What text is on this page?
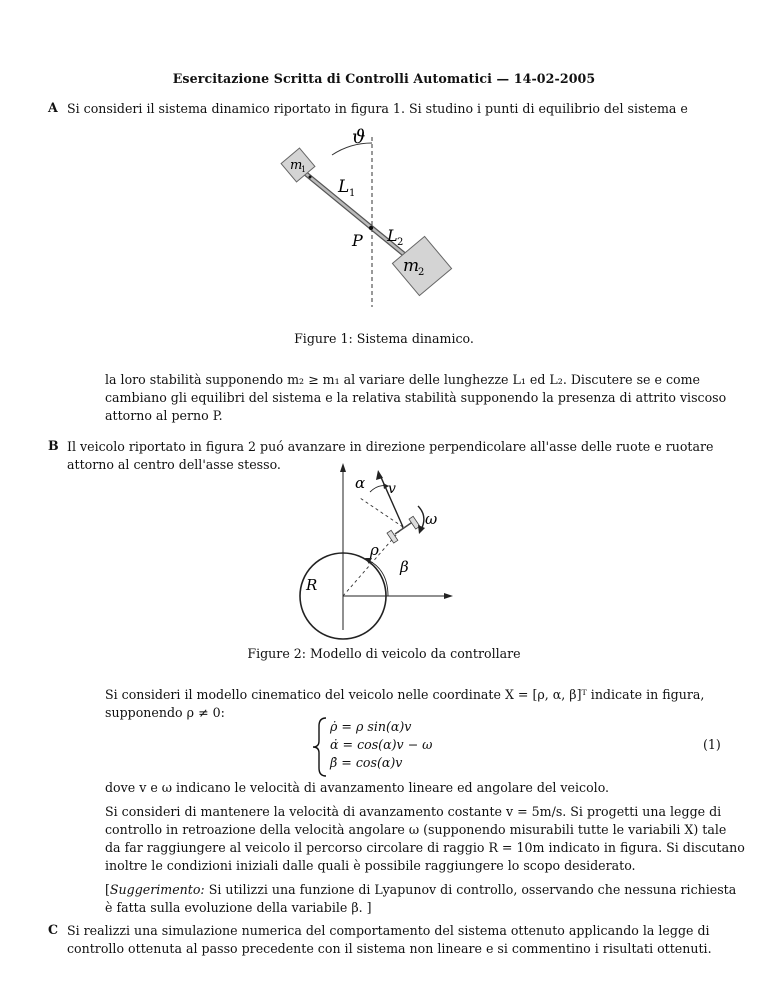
Esercitazione Scritta di Controlli Automatici — 14-02-2005
A Si consideri il sistema dinamico riportato in figura 1. Si studino i punti di equilibrio del sistema e
ϑ
m
1
L 1
P L 2
m
2
Figure 1: Sistema dinamico.
la loro stabilità supponendo m₂ ≥ m₁ al variare delle lunghezze L₁ ed L₂. Discutere se e come
cambiano gli equilibri del sistema e la relativa stabilità supponendo la presenza di attrito viscoso
attorno al perno P.
B Il veicolo riportato in figura 2 puó avanzare in direzione perpendicolare all'asse delle ruote e ruotare
attorno al centro dell'asse stesso.
α v
ω
ρ
β
R
Figure 2: Modello di veicolo da controllare
Si consideri il modello cinematico del veicolo nelle coordinate X = [ρ, α, β]ᵀ indicate in figura,
supponendo ρ ≠ 0:
ρ̇ = ρ sin(α)v
α̇ = cos(α)v − ω
β̇ = cos(α)v
(1)
dove v e ω indicano le velocità di avanzamento lineare ed angolare del veicolo.
Si consideri di mantenere la velocità di avanzamento costante v = 5m/s. Si progetti una legge di
controllo in retroazione della velocità angolare ω (supponendo misurabili tutte le variabili X) tale
da far raggiungere al veicolo il percorso circolare di raggio R = 10m indicato in figura. Si discutano
inoltre le condizioni iniziali dalle quali è possibile raggiungere lo scopo desiderato.
[Suggerimento: Si utilizzi una funzione di Lyapunov di controllo, osservando che nessuna richiesta
è fatta sulla evoluzione della variabile β. ]
C Si realizzi una simulazione numerica del comportamento del sistema ottenuto applicando la legge di
controllo ottenuta al passo precedente con il sistema non lineare e si commentino i risultati ottenuti.
